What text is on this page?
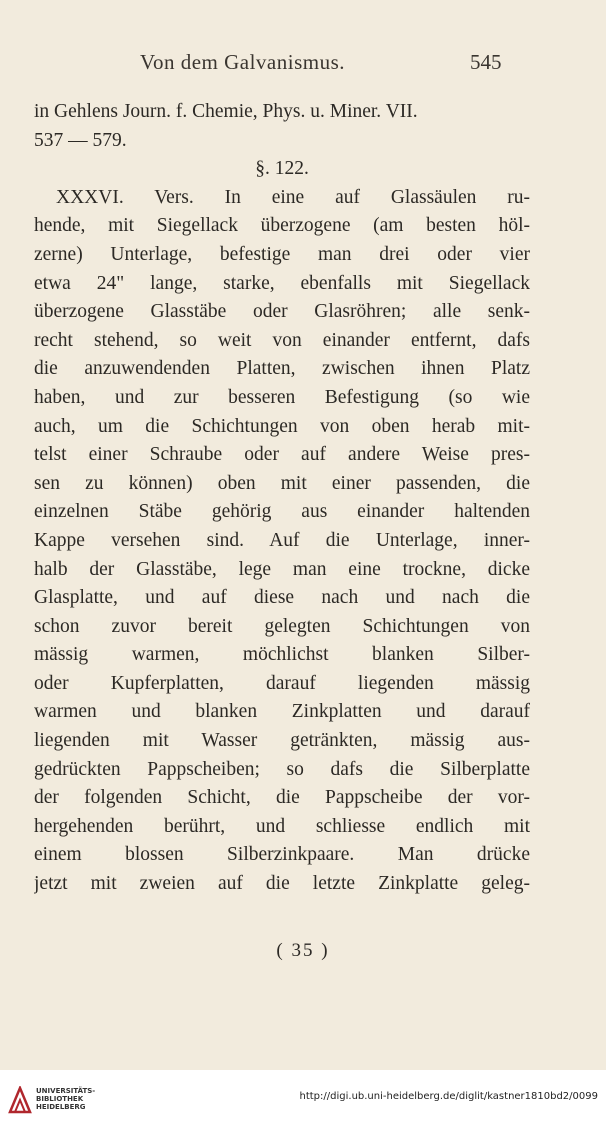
Von dem Galvanismus.	545
in Gehlens Journ. f. Chemie, Phys. u. Miner. VII.
537 — 579.
§. 122.
XXXVI. Vers. In eine auf Glassäulen ru-
hende, mit Siegellack überzogene (am besten höl-
zerne) Unterlage, befestige man drei oder vier
etwa 24" lange, starke, ebenfalls mit Siegellack
überzogene Glasstäbe oder Glasröhren; alle senk-
recht stehend, so weit von einander entfernt, dafs
die anzuwendenden Platten, zwischen ihnen Platz
haben, und zur besseren Befestigung (so wie
auch, um die Schichtungen von oben herab mit-
telst einer Schraube oder auf andere Weise pres-
sen zu können) oben mit einer passenden, die
einzelnen Stäbe gehörig aus einander haltenden
Kappe versehen sind. Auf die Unterlage, inner-
halb der Glasstäbe, lege man eine trockne, dicke
Glasplatte, und auf diese nach und nach die
schon zuvor bereit gelegten Schichtungen von
mässig warmen, möchlichst blanken Silber-
oder Kupferplatten, darauf liegenden mässig
warmen und blanken Zinkplatten und darauf
liegenden mit Wasser getränkten, mässig aus-
gedrückten Pappscheiben; so dafs die Silberplatte
der folgenden Schicht, die Pappscheibe der vor-
hergehenden berührt, und schliesse endlich mit
einem blossen Silberzinkpaare. Man drücke
jetzt mit zweien auf die letzte Zinkplatte geleg-
( 35 )
UNIVERSITÄTS-
BIBLIOTHEK
HEIDELBERG
http://digi.ub.uni-heidelberg.de/diglit/kastner1810bd2/0099
